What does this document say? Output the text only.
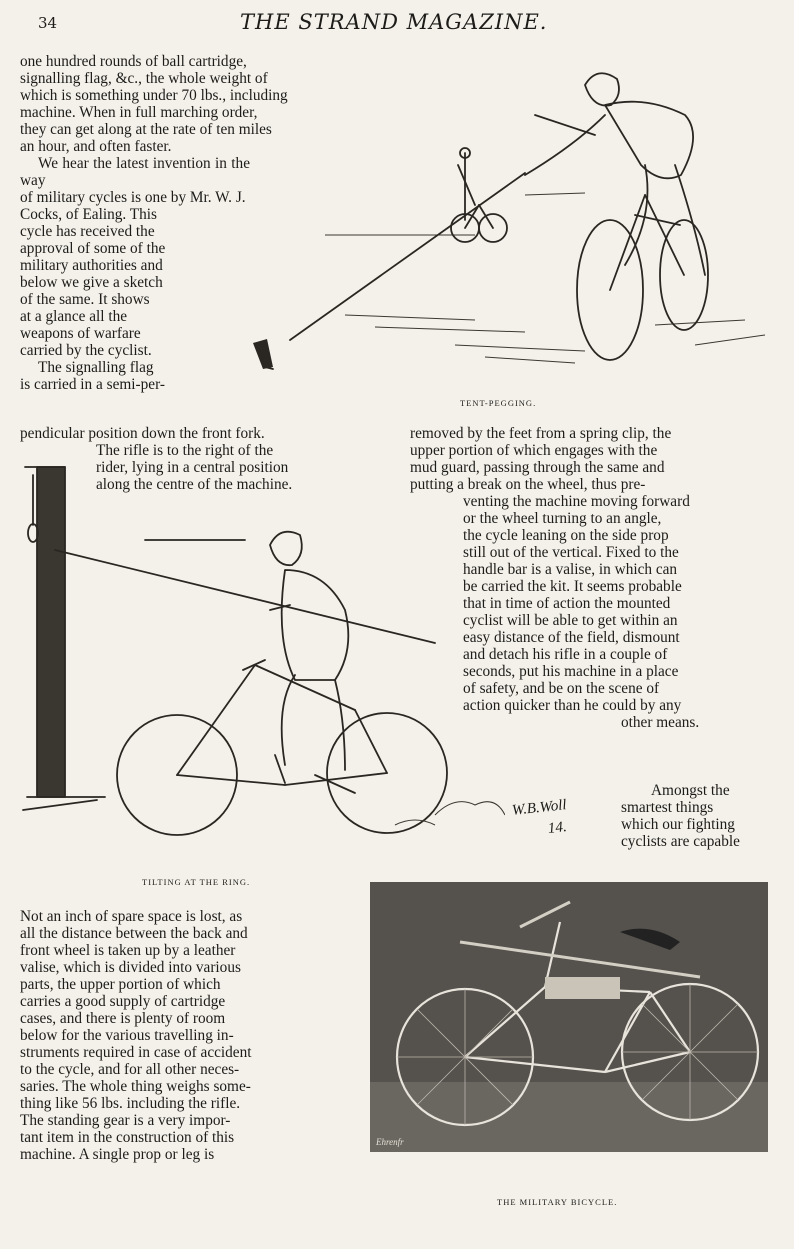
34	THE STRAND MAGAZINE.
one hundred rounds of ball cartridge,
signalling flag, &c., the whole weight of
which is something under 70 lbs., including
machine. When in full marching order,
they can get along at the rate of ten miles
an hour, and often faster.
We hear the latest invention in the way
of military cycles is one by Mr. W. J.
Cocks, of Ealing. This
cycle has received the
approval of some of the
military authorities and
below we give a sketch
of the same. It shows
at a glance all the
weapons of warfare
carried by the cyclist.
The signalling flag
is carried in a semi-per-
pendicular position down the front fork.
The rifle is to the right of the
rider, lying in a central position
along the centre of the machine.
removed by the feet from a spring clip, the
upper portion of which engages with the
mud guard, passing through the same and
putting a break on the wheel, thus pre-
venting the machine moving forward
or the wheel turning to an angle,
the cycle leaning on the side prop
still out of the vertical. Fixed to the
handle bar is a valise, in which can
be carried the kit. It seems probable
that in time of action the mounted
cyclist will be able to get within an
easy distance of the field, dismount
and detach his rifle in a couple of
seconds, put his machine in a place
of safety, and be on the scene of
action quicker than he could by any
other means.
Amongst the
smartest things
which our fighting
cyclists are capable
Not an inch of spare space is lost, as
all the distance between the back and
front wheel is taken up by a leather
valise, which is divided into various
parts, the upper portion of which
carries a good supply of cartridge
cases, and there is plenty of room
below for the various travelling in-
struments required in case of accident
to the cycle, and for all other neces-
saries. The whole thing weighs some-
thing like 56 lbs. including the rifle.
The standing gear is a very impor-
tant item in the construction of this
machine. A single prop or leg is
TENT-PEGGING.
W.B.Woll
14.
TILTING AT THE RING.
Ehrenfr
THE MILITARY BICYCLE.
